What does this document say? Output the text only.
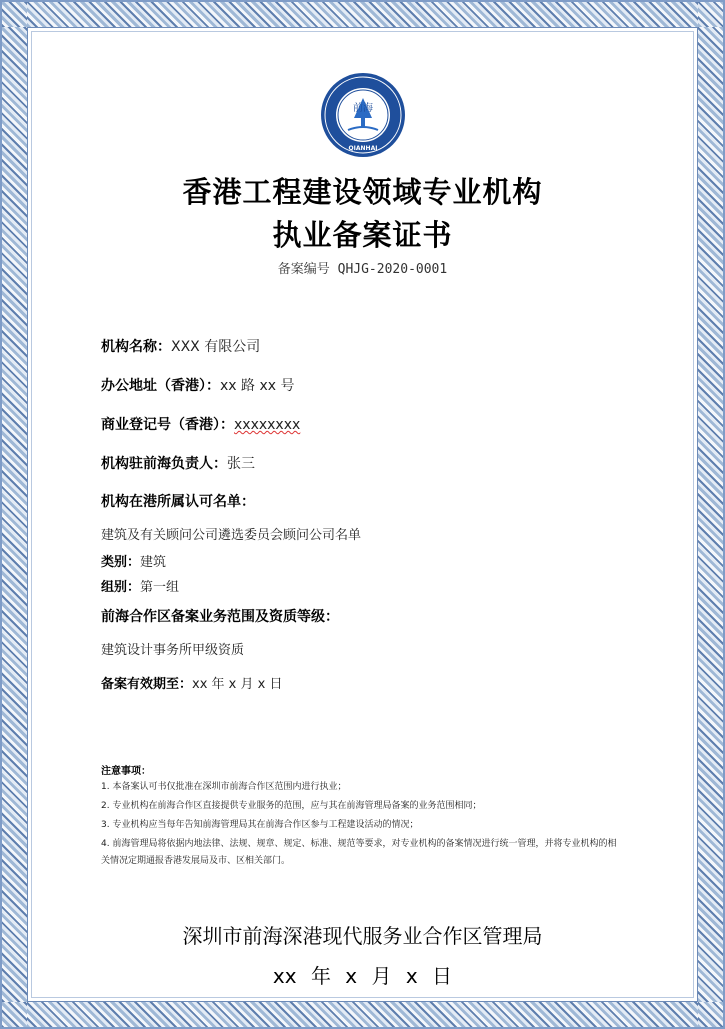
前海
QIANHAI
香港工程建设领域专业机构
执业备案证书
备案编号 QHJG-2020-0001
机构名称：XXX 有限公司
办公地址（香港）：xx 路 xx 号
商业登记号（香港）：xxxxxxxx
机构驻前海负责人：张三
机构在港所属认可名单：
建筑及有关顾问公司遴选委员会顾问公司名单
类别：建筑
组别：第一组
前海合作区备案业务范围及资质等级：
建筑设计事务所甲级资质
备案有效期至：xx 年 x 月 x 日
注意事项：
1. 本备案认可书仅批准在深圳市前海合作区范围内进行执业；
2. 专业机构在前海合作区直接提供专业服务的范围，应与其在前海管理局备案的业务范围相同；
3. 专业机构应当每年告知前海管理局其在前海合作区参与工程建设活动的情况；
4. 前海管理局将依据内地法律、法规、规章、规定、标准、规范等要求，对专业机构的备案情况进行统一管理，并将专业机构的相关情况定期通报香港发展局及市、区相关部门。
深圳市前海深港现代服务业合作区管理局
xx 年 x 月 x 日
